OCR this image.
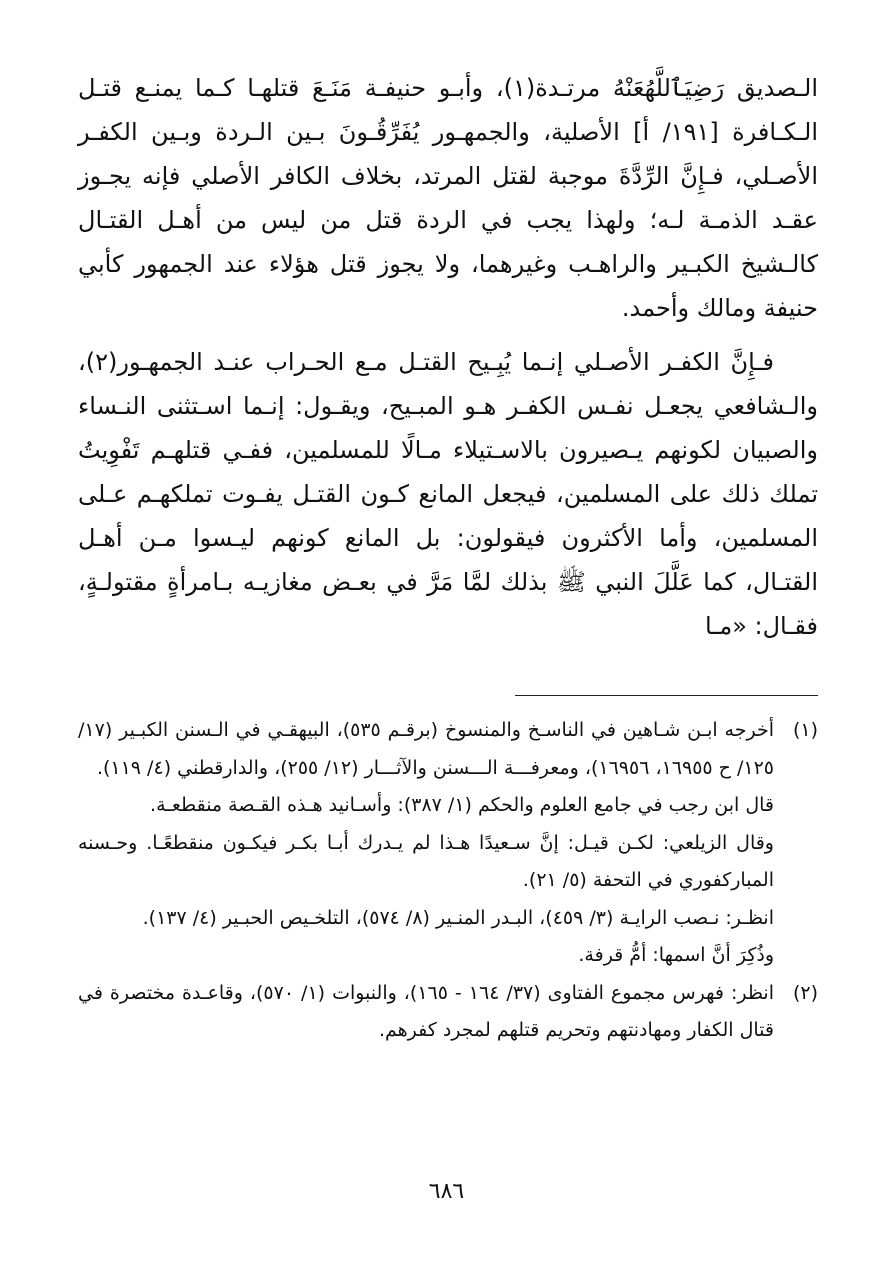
الـصديق رَضِيَٱللَّهُعَنْهُ مرتـدة(١)، وأبـو حنيفـة مَنَـعَ قتلهـا كـما يمنـع قتـل الـكـافرة [١٩١/ أ] الأصلية، والجمهـور يُفَرِّقُـونَ بـين الـردة وبـين الكفـر الأصـلي، فـإِنَّ الرِّدَّةَ موجبة لقتل المرتد، بخلاف الكافر الأصلي فإنه يجـوز عقـد الذمـة لـه؛ ولهذا يجب في الردة قتل من ليس من أهـل القتـال كالـشيخ الكبـير والراهـب وغيرهما، ولا يجوز قتل هؤلاء عند الجمهور كأبي حنيفة ومالك وأحمد.

فـإِنَّ الكفـر الأصـلي إنـما يُبِـيح القتـل مـع الحـراب عنـد الجمهـور(٢)، والـشافعي يجعـل نفـس الكفـر هـو المبـيح، ويقـول: إنـما اسـتثنى النـساء والصبيان لكونهم يـصيرون بالاسـتيلاء مـالًا للمسلمين، ففـي قتلهـم تَفْوِيتُ تملك ذلك على المسلمين، فيجعل المانع كـون القتـل يفـوت تملكهـم عـلى المسلمين، وأما الأكثرون فيقولون: بل المانع كونهم ليـسوا مـن أهـل القتـال، كما عَلَّلَ النبي ﷺ بذلك لمَّا مَرَّ في بعـض مغازيـه بـامرأةٍ مقتولـةٍ، فقـال: «مـا

(١)

أخرجه ابـن شـاهين في الناسـخ والمنسوخ (برقـم ٥٣٥)، البيهقـي في الـسنن الكبـير (١٧/ ١٢٥/ ح ١٦٩٥٥، ١٦٩٥٦)، ومعرفـــة الـــسنن والآثـــار (١٢/ ٢٥٥)، والدارقطني (٤/ ١١٩).

قال ابن رجب في جامع العلوم والحكم (١/ ٣٨٧): وأسـانيد هـذه القـصة منقطعـة.

وقال الزيلعي: لكـن قيـل: إنَّ سـعيدًا هـذا لم يـدرك أبـا بكـر فيكـون منقطعًـا. وحـسنه المباركفوري في التحفة (٥/ ٢١).

انظـر: نـصب الرايـة (٣/ ٤٥٩)، البـدر المنـير (٨/ ٥٧٤)، التلخـيص الحبـير (٤/ ١٣٧).

وذُكِرَ أنَّ اسمها: أمُّ قرفة.

(٢)

انظر: فهرس مجموع الفتاوى (٣٧/ ١٦٤ - ١٦٥)، والنبوات (١/ ٥٧٠)، وقاعـدة مختصرة في قتال الكفار ومهادنتهم وتحريم قتلهم لمجرد كفرهم.

٦٨٦
